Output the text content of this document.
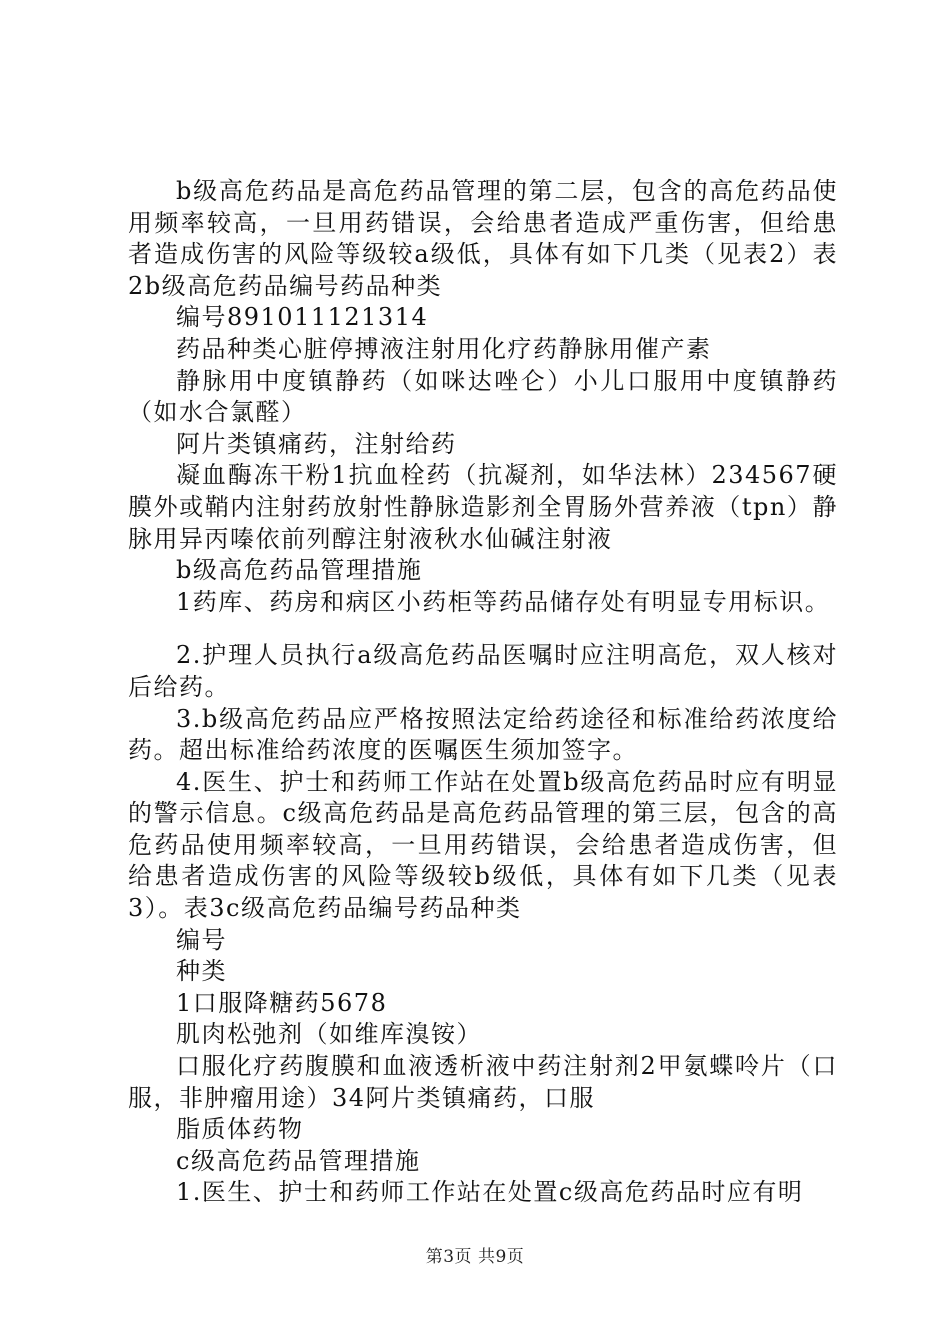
b级高危药品是高危药品管理的第二层，包含的高危药品使用频率较高，一旦用药错误，会给患者造成严重伤害，但给患者造成伤害的风险等级较a级低，具体有如下几类（见表2）表2b级高危药品编号药品种类

编号891011121314

药品种类心脏停搏液注射用化疗药静脉用催产素

静脉用中度镇静药（如咪达唑仑）小儿口服用中度镇静药（如水合氯醛）

阿片类镇痛药，注射给药

凝血酶冻干粉1抗血栓药（抗凝剂，如华法林）234567硬膜外或鞘内注射药放射性静脉造影剂全胃肠外营养液（tpn）静脉用异丙嗪依前列醇注射液秋水仙碱注射液

b级高危药品管理措施

1药库、药房和病区小药柜等药品储存处有明显专用标识。

2.护理人员执行a级高危药品医嘱时应注明高危，双人核对后给药。

3.b级高危药品应严格按照法定给药途径和标准给药浓度给药。超出标准给药浓度的医嘱医生须加签字。

4.医生、护士和药师工作站在处置b级高危药品时应有明显的警示信息。c级高危药品是高危药品管理的第三层，包含的高危药品使用频率较高，一旦用药错误，会给患者造成伤害，但给患者造成伤害的风险等级较b级低，具体有如下几类（见表3）。表3c级高危药品编号药品种类

编号

种类

1口服降糖药5678

肌肉松弛剂（如维库溴铵）

口服化疗药腹膜和血液透析液中药注射剂2甲氨蝶呤片（口服，非肿瘤用途）34阿片类镇痛药，口服

脂质体药物

c级高危药品管理措施

1.医生、护士和药师工作站在处置c级高危药品时应有明

第3页 共9页
